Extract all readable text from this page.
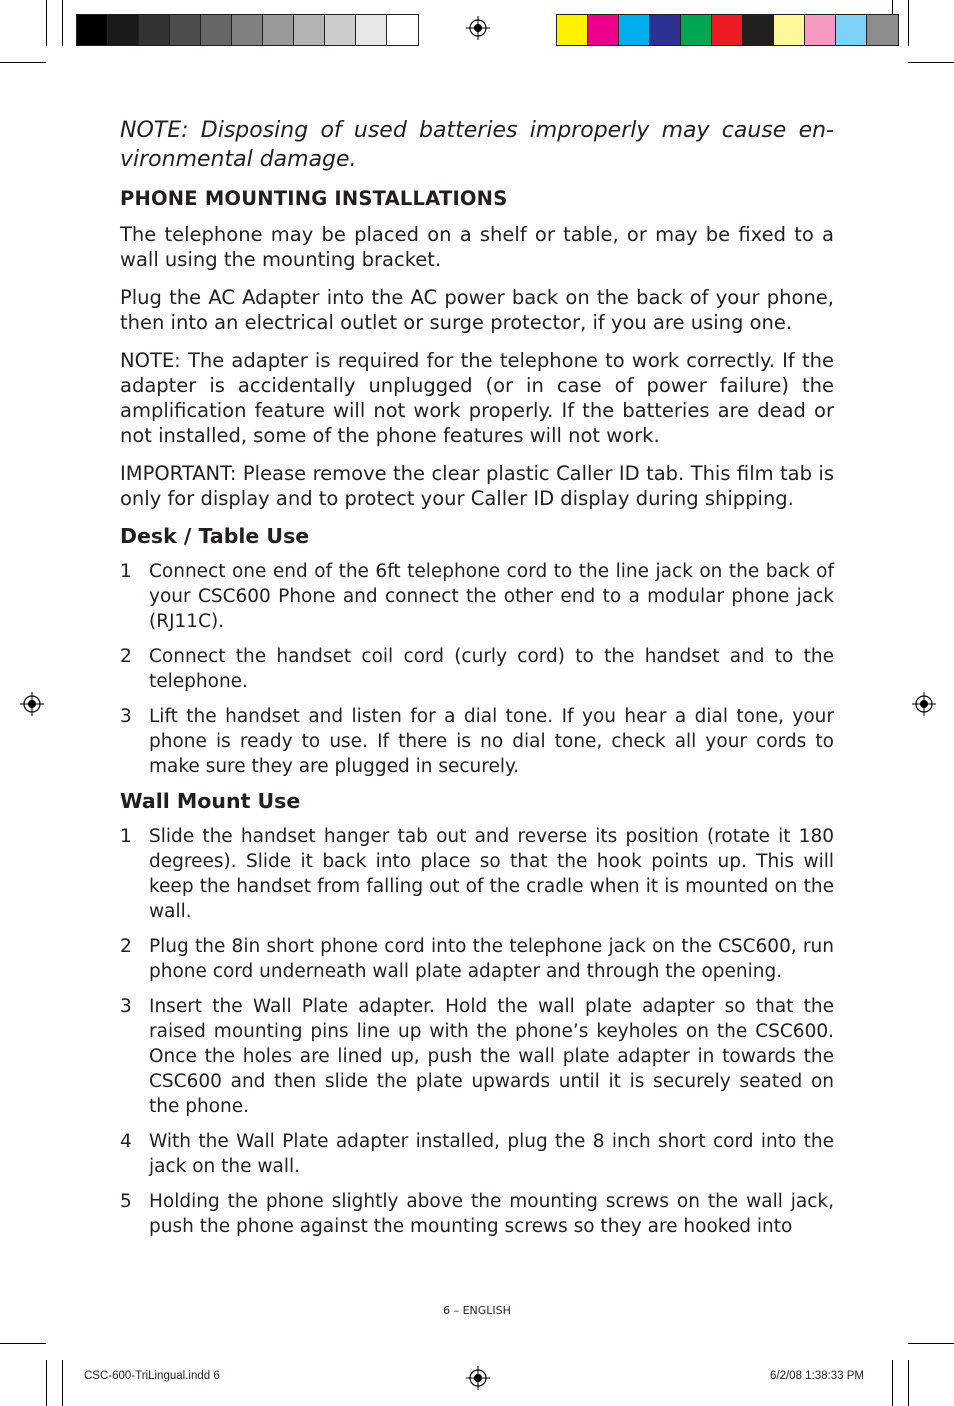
NOTE: Disposing of used batteries improperly may cause en-vironmental damage.

PHONE MOUNTING INSTALLATIONS

The telephone may be placed on a shelf or table, or may be fixed to a wall using the mounting bracket.

Plug the AC Adapter into the AC power back on the back of your phone, then into an electrical outlet or surge protector, if you are using one.

NOTE: The adapter is required for the telephone to work correctly. If the adapter is accidentally unplugged (or in case of power failure) the amplification feature will not work properly. If the batteries are dead or not installed, some of the phone features will not work.

IMPORTANT: Please remove the clear plastic Caller ID tab. This film tab is only for display and to protect your Caller ID display during shipping.

Desk / Table Use
1 Connect one end of the 6ft telephone cord to the line jack on the back of your CSC600 Phone and connect the other end to a modular phone jack (RJ11C).
2 Connect the handset coil cord (curly cord) to the handset and to the telephone.
3 Lift the handset and listen for a dial tone. If you hear a dial tone, your phone is ready to use. If there is no dial tone, check all your cords to make sure they are plugged in securely.
Wall Mount Use
1 Slide the handset hanger tab out and reverse its position (rotate it 180 degrees). Slide it back into place so that the hook points up. This will keep the handset from falling out of the cradle when it is mounted on the wall.
2 Plug the 8in short phone cord into the telephone jack on the CSC600, run phone cord underneath wall plate adapter and through the opening.
3 Insert the Wall Plate adapter. Hold the wall plate adapter so that the raised mounting pins line up with the phone’s keyholes on the CSC600. Once the holes are lined up, push the wall plate adapter in towards the CSC600 and then slide the plate upwards until it is securely seated on the phone.
4 With the Wall Plate adapter installed, plug the 8 inch short cord into the jack on the wall.
5 Holding the phone slightly above the mounting screws on the wall jack, push the phone against the mounting screws so they are hooked into
6 – ENGLISH
CSC-600-TriLingual.indd 6	6/2/08 1:38:33 PM
